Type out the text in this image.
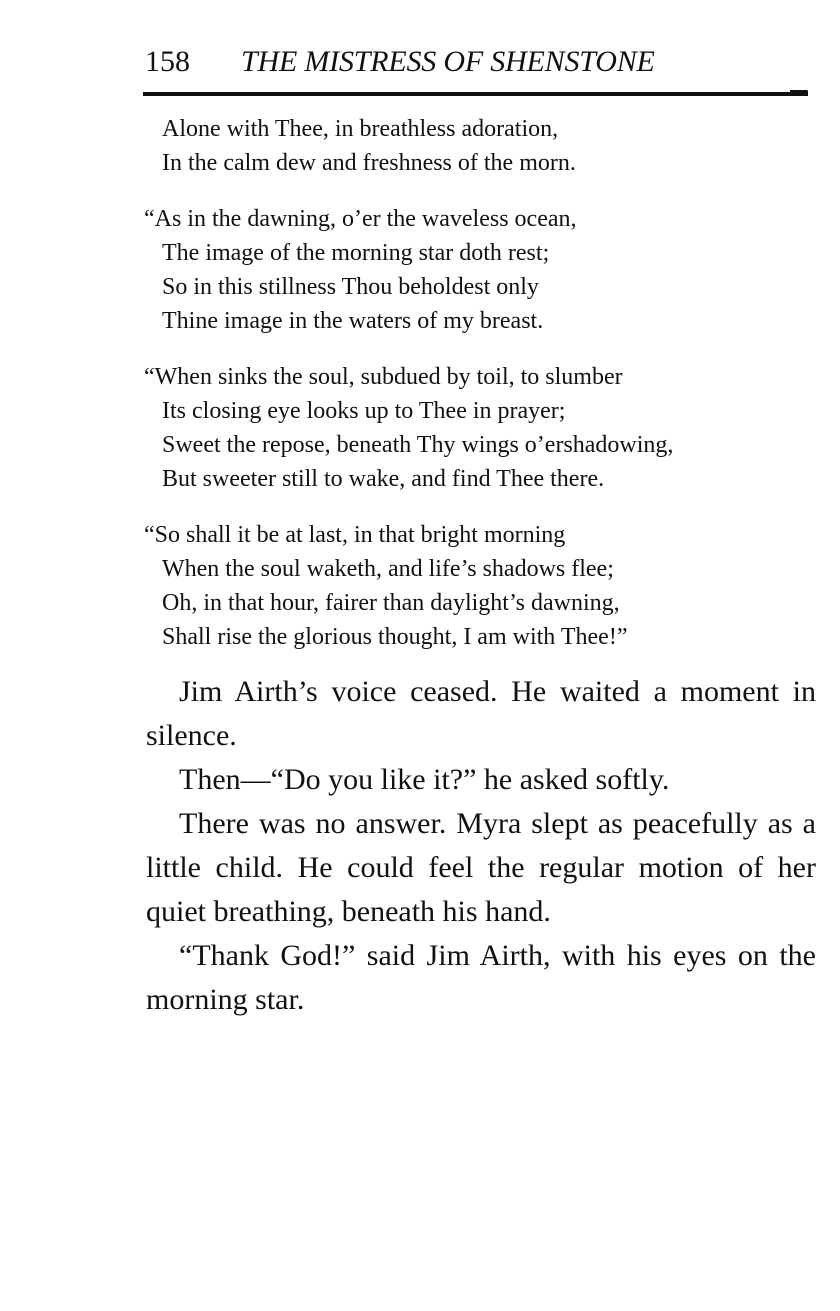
158 THE MISTRESS OF SHENSTONE
Alone with Thee, in breathless adoration,
In the calm dew and freshness of the morn.
“As in the dawning, o’er the waveless ocean,
The image of the morning star doth rest;
So in this stillness Thou beholdest only
Thine image in the waters of my breast.
“When sinks the soul, subdued by toil, to slumber
Its closing eye looks up to Thee in prayer;
Sweet the repose, beneath Thy wings o’ershadowing,
But sweeter still to wake, and find Thee there.
“So shall it be at last, in that bright morning
When the soul waketh, and life’s shadows flee;
Oh, in that hour, fairer than daylight’s dawning,
Shall rise the glorious thought, I am with Thee!”

Jim Airth’s voice ceased. He waited a moment in silence.

Then—“Do you like it?” he asked softly.

There was no answer. Myra slept as peacefully as a little child. He could feel the regular motion of her quiet breathing, beneath his hand.

“Thank God!” said Jim Airth, with his eyes on the morning star.
